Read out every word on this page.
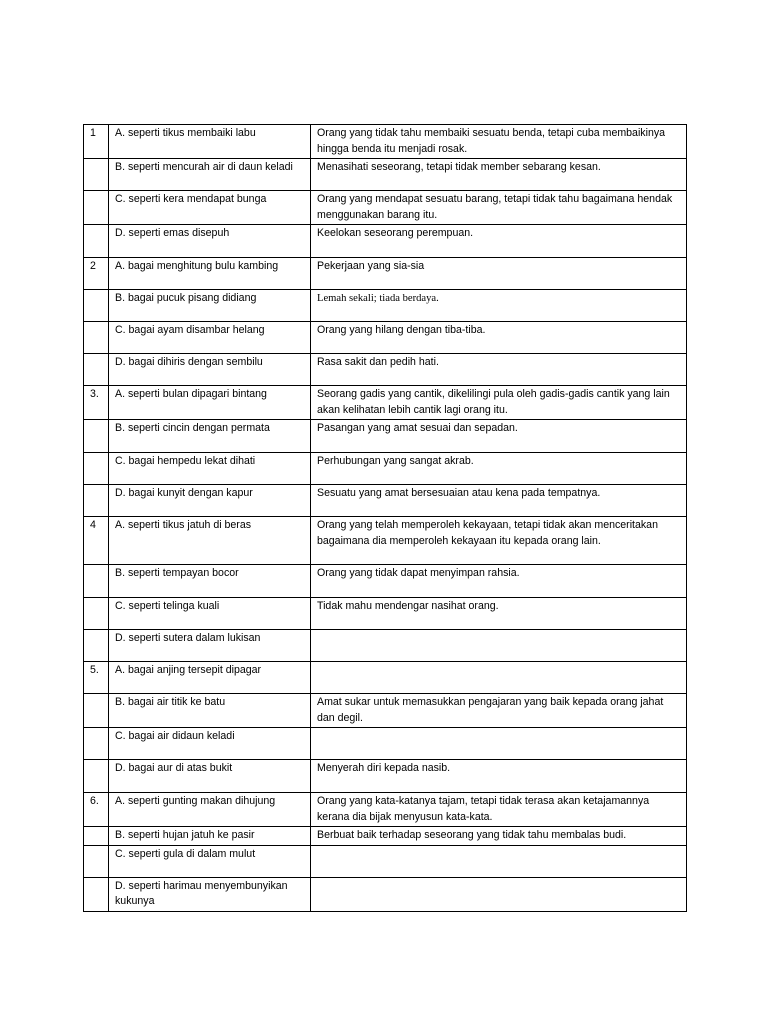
1	A. seperti tikus membaiki labu	Orang yang tidak tahu membaiki sesuatu benda, tetapi cuba membaikinya hingga benda itu menjadi rosak.
	B. seperti mencurah air di daun keladi	Menasihati seseorang, tetapi tidak member sebarang kesan.
	C. seperti kera mendapat bunga	Orang yang mendapat sesuatu barang, tetapi tidak tahu bagaimana hendak menggunakan barang itu.
	D. seperti emas disepuh	Keelokan seseorang perempuan.
2	A. bagai menghitung bulu kambing	Pekerjaan yang sia-sia
	B. bagai pucuk pisang didiang	Lemah sekali; tiada berdaya.
	C. bagai ayam disambar helang	Orang yang hilang dengan tiba-tiba.
	D. bagai dihiris dengan sembilu	Rasa sakit dan pedih hati.
3.	A. seperti bulan dipagari bintang	Seorang gadis yang cantik, dikelilingi pula oleh gadis-gadis cantik yang lain akan kelihatan lebih cantik lagi orang itu.
	B. seperti cincin dengan permata	Pasangan yang amat sesuai dan sepadan.
	C. bagai hempedu lekat dihati	Perhubungan yang sangat akrab.
	D. bagai kunyit dengan kapur	Sesuatu yang amat bersesuaian atau kena pada tempatnya.
4	A. seperti tikus jatuh di beras	Orang yang telah memperoleh kekayaan, tetapi tidak akan menceritakan bagaimana dia memperoleh kekayaan itu kepada orang lain.
	B. seperti tempayan bocor	Orang yang tidak dapat menyimpan rahsia.
	C. seperti telinga kuali	Tidak mahu mendengar nasihat orang.
	D. seperti sutera dalam lukisan	
5.	A. bagai anjing tersepit dipagar	
	B. bagai air titik ke batu	Amat sukar untuk memasukkan pengajaran yang baik kepada orang jahat dan degil.
	C. bagai air didaun keladi	
	D. bagai aur di atas bukit	Menyerah diri kepada nasib.
6.	A. seperti gunting makan dihujung	Orang yang kata-katanya tajam, tetapi tidak terasa akan ketajamannya kerana dia bijak menyusun kata-kata.
	B. seperti hujan jatuh ke pasir	Berbuat baik terhadap seseorang yang tidak tahu membalas budi.
	C. seperti gula di dalam mulut	
	D. seperti harimau menyembunyikan kukunya	
